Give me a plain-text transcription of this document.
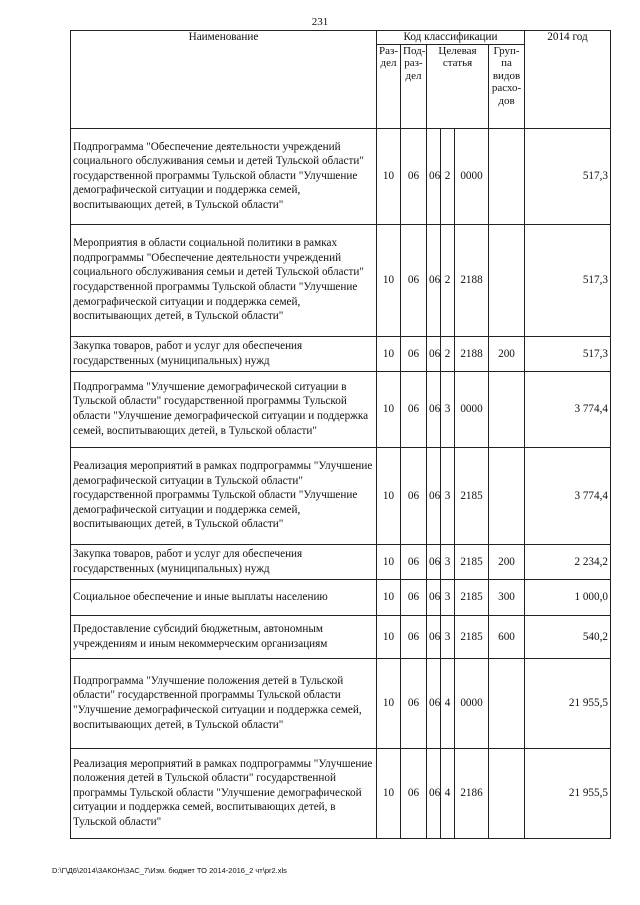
231
Наименование	Код классификации						2014 год
	Раз-дел	Под-раз-дел	Целевая статья			Груп-па видов расхо-дов	
Подпрограмма "Обеспечение деятельности учреждений социального обслуживания семьи и детей Тульской области" государственной программы Тульской области "Улучшение демографической ситуации и поддержка семей, воспитывающих детей, в Тульской области"	10	06	06	2	0000		517,3
Мероприятия в области социальной политики в рамках подпрограммы "Обеспечение деятельности учреждений социального обслуживания семьи и детей Тульской области" государственной программы Тульской области "Улучшение демографической ситуации и поддержка семей, воспитывающих детей, в Тульской области"	10	06	06	2	2188		517,3
Закупка товаров, работ и услуг для обеспечения государственных (муниципальных) нужд	10	06	06	2	2188	200	517,3
Подпрограмма "Улучшение демографической ситуации в Тульской области" государственной программы Тульской области "Улучшение демографической ситуации и поддержка семей, воспитывающих детей, в Тульской области"	10	06	06	3	0000		3 774,4
Реализация мероприятий в рамках подпрограммы "Улучшение демографической ситуации в Тульской области" государственной программы Тульской области "Улучшение демографической ситуации и поддержка семей, воспитывающих детей, в Тульской области"	10	06	06	3	2185		3 774,4
Закупка товаров, работ и услуг для обеспечения государственных (муниципальных) нужд	10	06	06	3	2185	200	2 234,2
Социальное обеспечение и иные выплаты населению	10	06	06	3	2185	300	1 000,0
Предоставление субсидий бюджетным, автономным учреждениям и иным некоммерческим организациям	10	06	06	3	2185	600	540,2
Подпрограмма "Улучшение положения детей в Тульской области" государственной программы Тульской области "Улучшение демографической ситуации и поддержка семей, воспитывающих детей, в Тульской области"	10	06	06	4	0000		21 955,5
Реализация мероприятий в рамках подпрограммы "Улучшение положения детей в Тульской области" государственной программы Тульской области "Улучшение демографической ситуации и поддержка семей, воспитывающих детей, в Тульской области"	10	06	06	4	2186		21 955,5
D:\Г\Д6\2014\ЗАКОН\ЗАС_7\Изм. бюджет ТО 2014-2016_2 чт\pr2.xls
